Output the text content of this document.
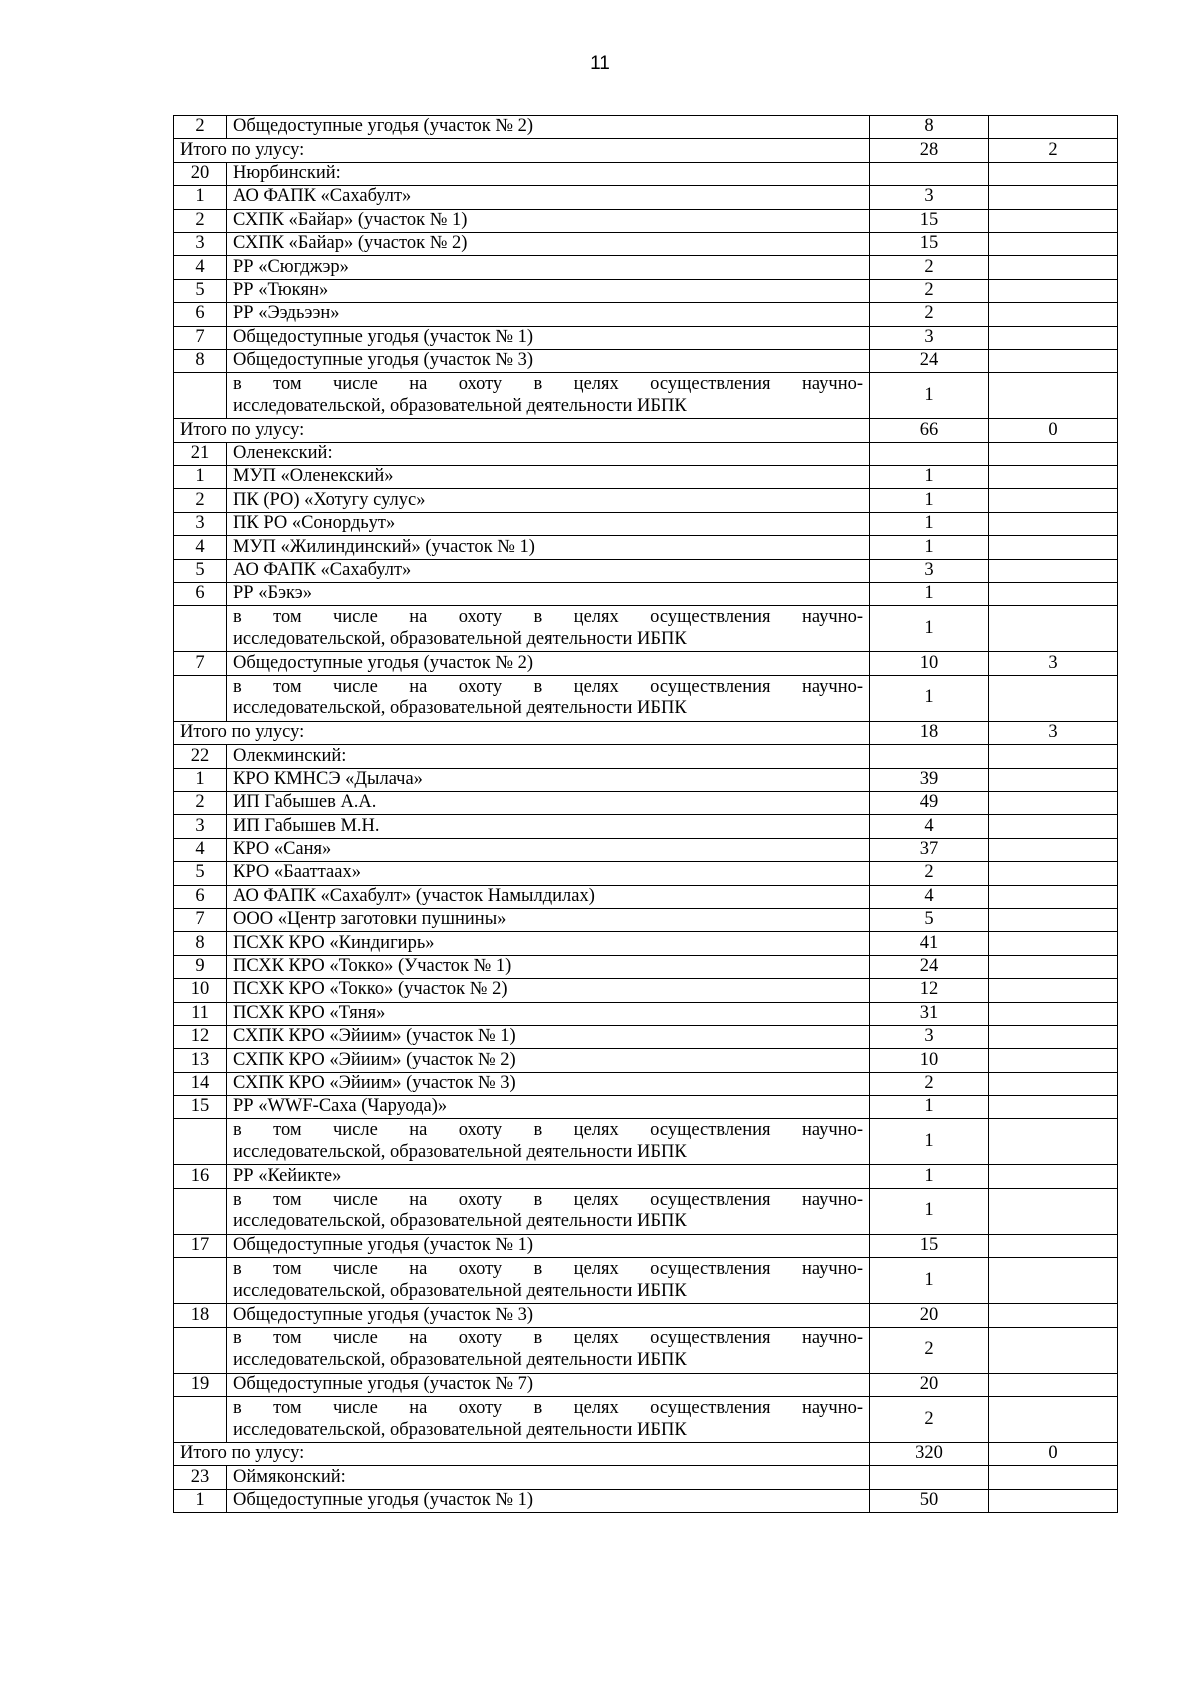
11
2	Общедоступные угодья (участок № 2)	8	
Итого по улусу:		28	2
20	Нюрбинский:		
1	АО ФАПК «Сахабулт»	3	
2	СХПК «Байар» (участок № 1)	15	
3	СХПК «Байар» (участок № 2)	15	
4	РР «Сюгджэр»	2	
5	РР «Тюкян»	2	
6	РР «Ээдьээн»	2	
7	Общедоступные угодья (участок № 1)	3	
8	Общедоступные угодья (участок № 3)	24	

	в том числе на охоту в целях осуществления научно-
исследовательской, образовательной деятельности ИБПК	1	
Итого по улусу:		66	0
21	Оленекский:		
1	МУП «Оленекский»	1	
2	ПК (РО) «Хотугу сулус»	1	
3	ПК РО «Сонордьут»	1	
4	МУП «Жилиндинский» (участок № 1)	1	
5	АО ФАПК «Сахабулт»	3	
6	РР «Бэкэ»	1	

	в том числе на охоту в целях осуществления научно-
исследовательской, образовательной деятельности ИБПК	1	
7	Общедоступные угодья (участок № 2)	10	3

	в том числе на охоту в целях осуществления научно-
исследовательской, образовательной деятельности ИБПК	1	
Итого по улусу:		18	3
22	Олекминский:		
1	КРО КМНСЭ «Дылача»	39	
2	ИП Габышев А.А.	49	
3	ИП Габышев М.Н.	4	
4	КРО «Саня»	37	
5	КРО «Бааттаах»	2	
6	АО ФАПК «Сахабулт» (участок Намылдилах)	4	
7	ООО «Центр заготовки пушнины»	5	
8	ПСХК КРО «Киндигирь»	41	
9	ПСХК КРО «Токко» (Участок № 1)	24	
10	ПСХК КРО «Токко» (участок № 2)	12	
11	ПСХК КРО «Тяня»	31	
12	СХПК КРО «Эйиим» (участок № 1)	3	
13	СХПК КРО «Эйиим» (участок № 2)	10	
14	СХПК КРО «Эйиим» (участок № 3)	2	
15	РР «WWF-Саха (Чаруода)»	1	

	в том числе на охоту в целях осуществления научно-
исследовательской, образовательной деятельности ИБПК	1	
16	РР «Кейикте»	1	

	в том числе на охоту в целях осуществления научно-
исследовательской, образовательной деятельности ИБПК	1	
17	Общедоступные угодья (участок № 1)	15	

	в том числе на охоту в целях осуществления научно-
исследовательской, образовательной деятельности ИБПК	1	
18	Общедоступные угодья (участок № 3)	20	

	в том числе на охоту в целях осуществления научно-
исследовательской, образовательной деятельности ИБПК	2	
19	Общедоступные угодья (участок № 7)	20	

	в том числе на охоту в целях осуществления научно-
исследовательской, образовательной деятельности ИБПК	2	
Итого по улусу:		320	0
23	Оймяконский:		
1	Общедоступные угодья (участок № 1)	50	
